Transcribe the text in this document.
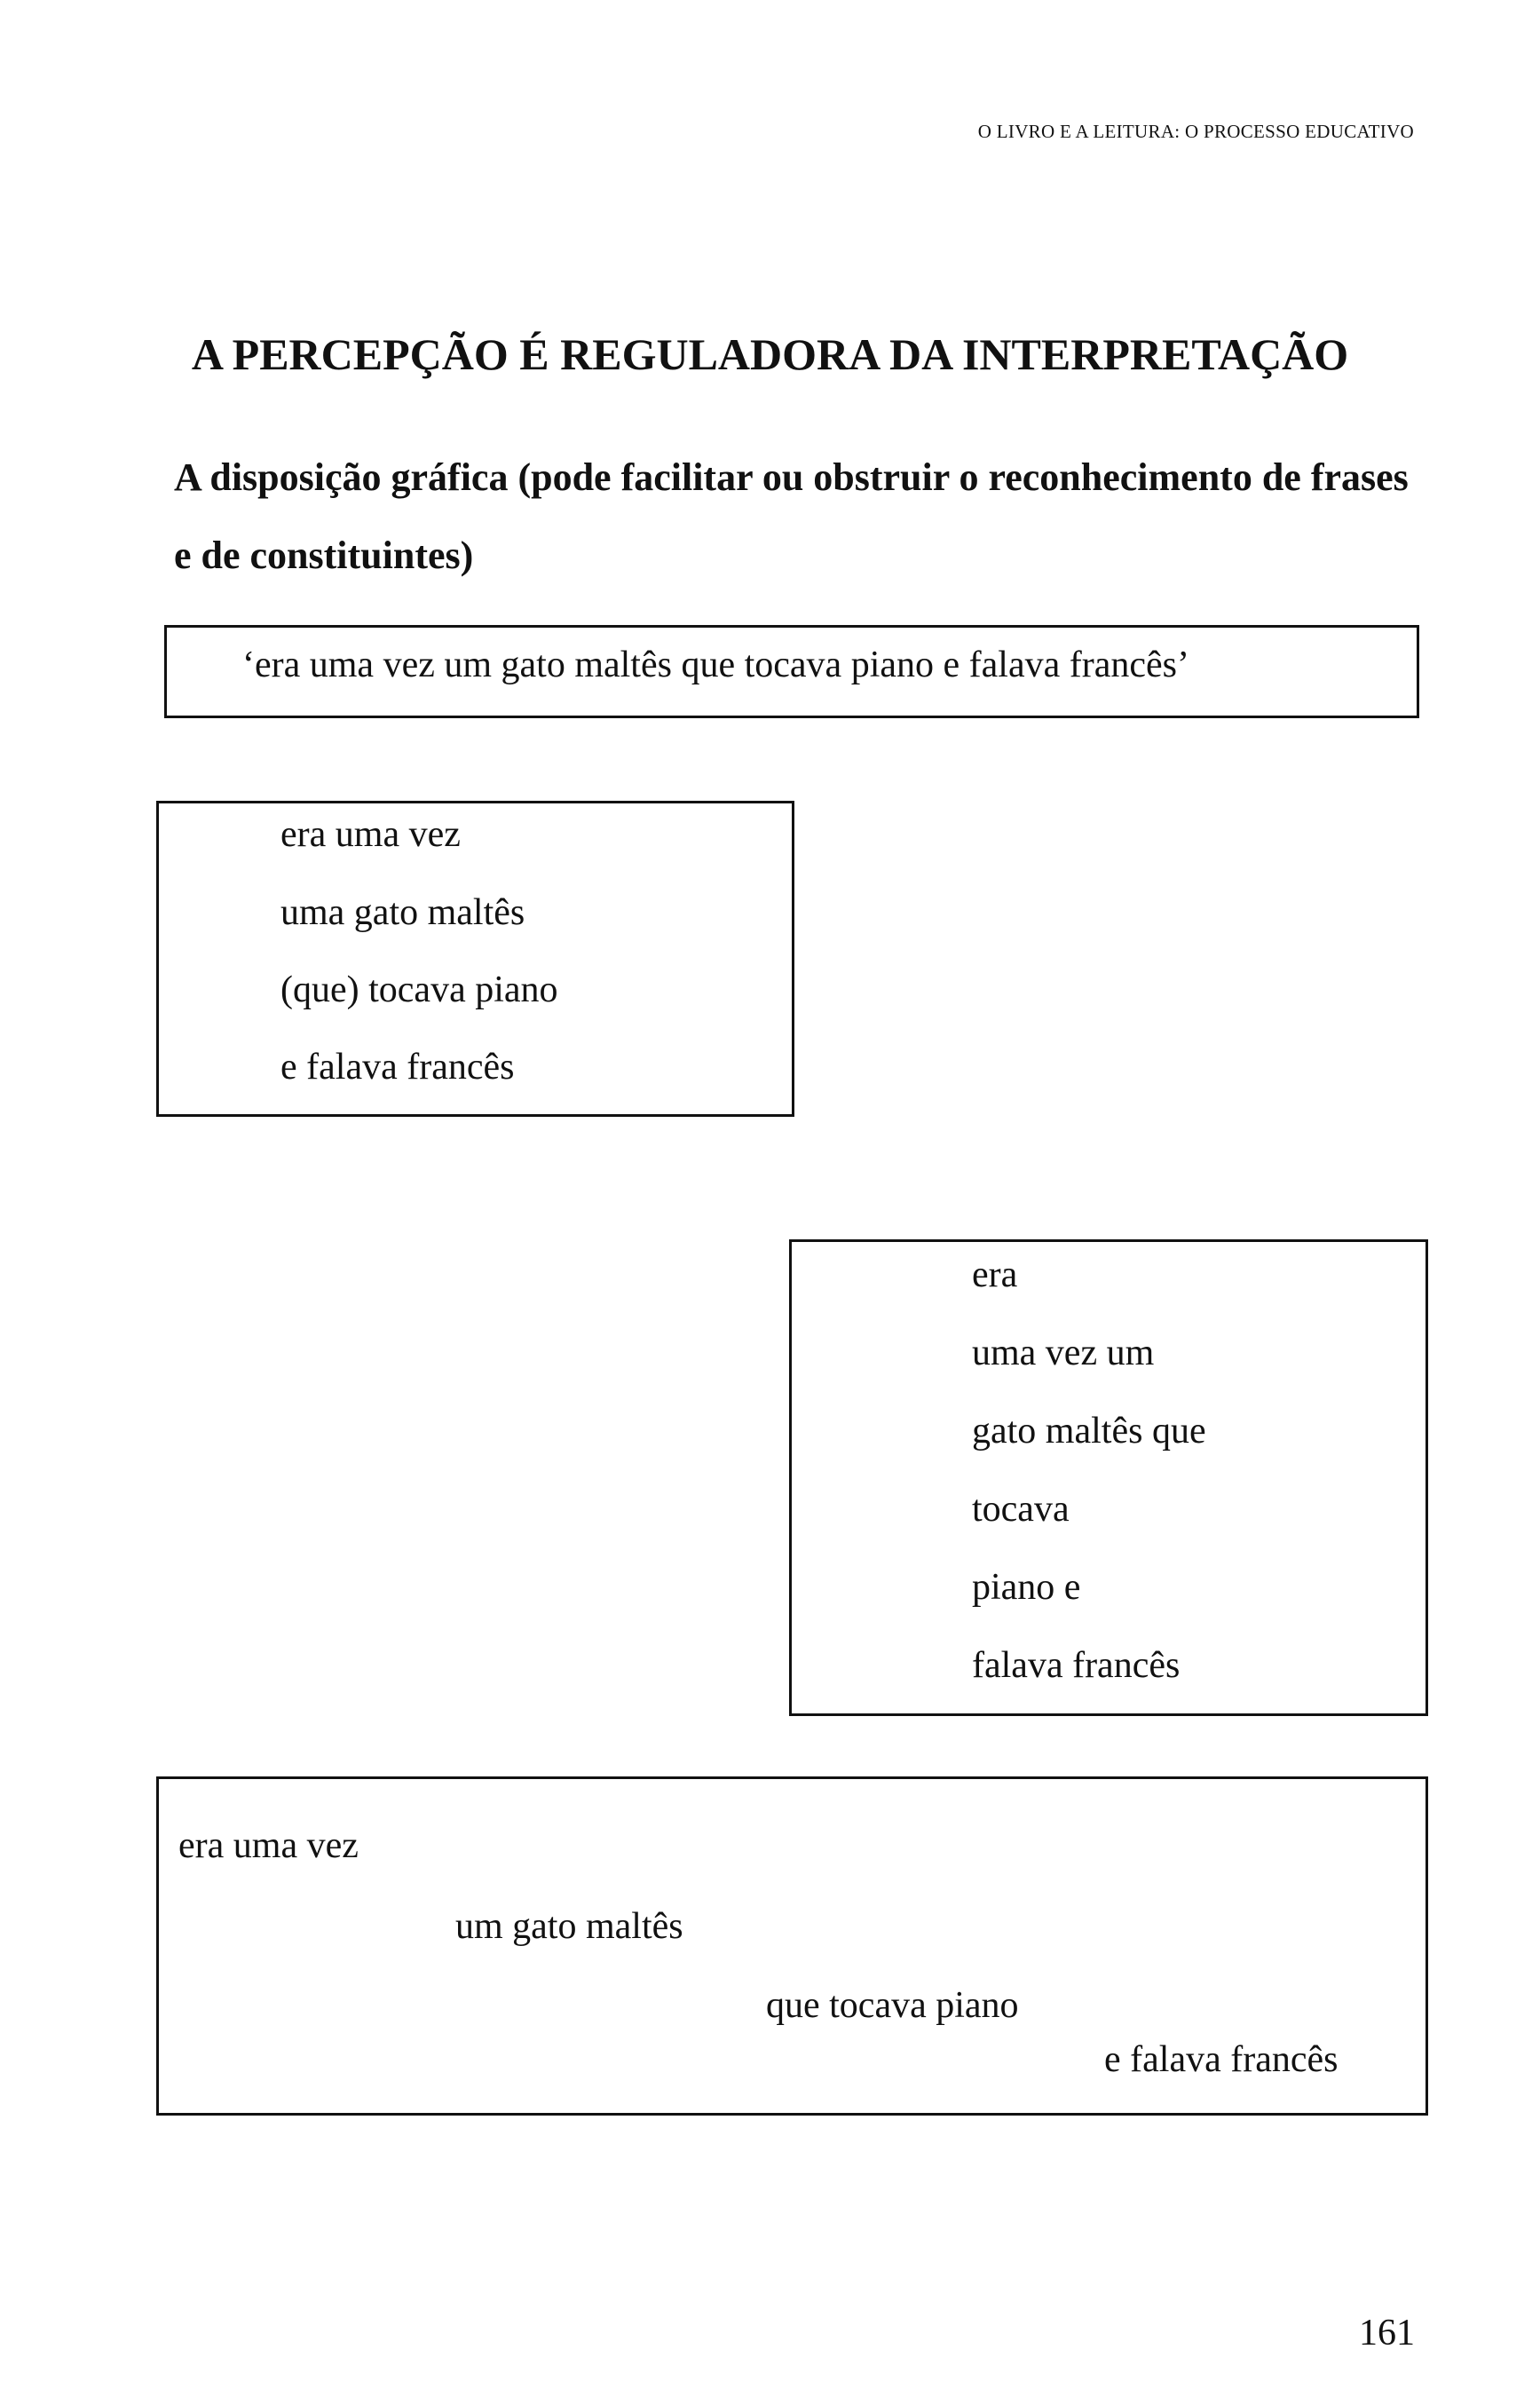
O LIVRO E A LEITURA: O PROCESSO EDUCATIVO
A PERCEPÇÃO É REGULADORA DA INTERPRETAÇÃO
A disposição gráfica (pode facilitar ou obstruir o reconhecimento de frases e de constituintes)
‘era uma vez um gato maltês que tocava piano e falava francês’
era uma vez
uma gato maltês
(que) tocava piano
e falava francês
era
uma vez um
gato maltês que
tocava
piano e
falava francês
era uma vez
um gato maltês
que tocava piano
e falava francês
161
